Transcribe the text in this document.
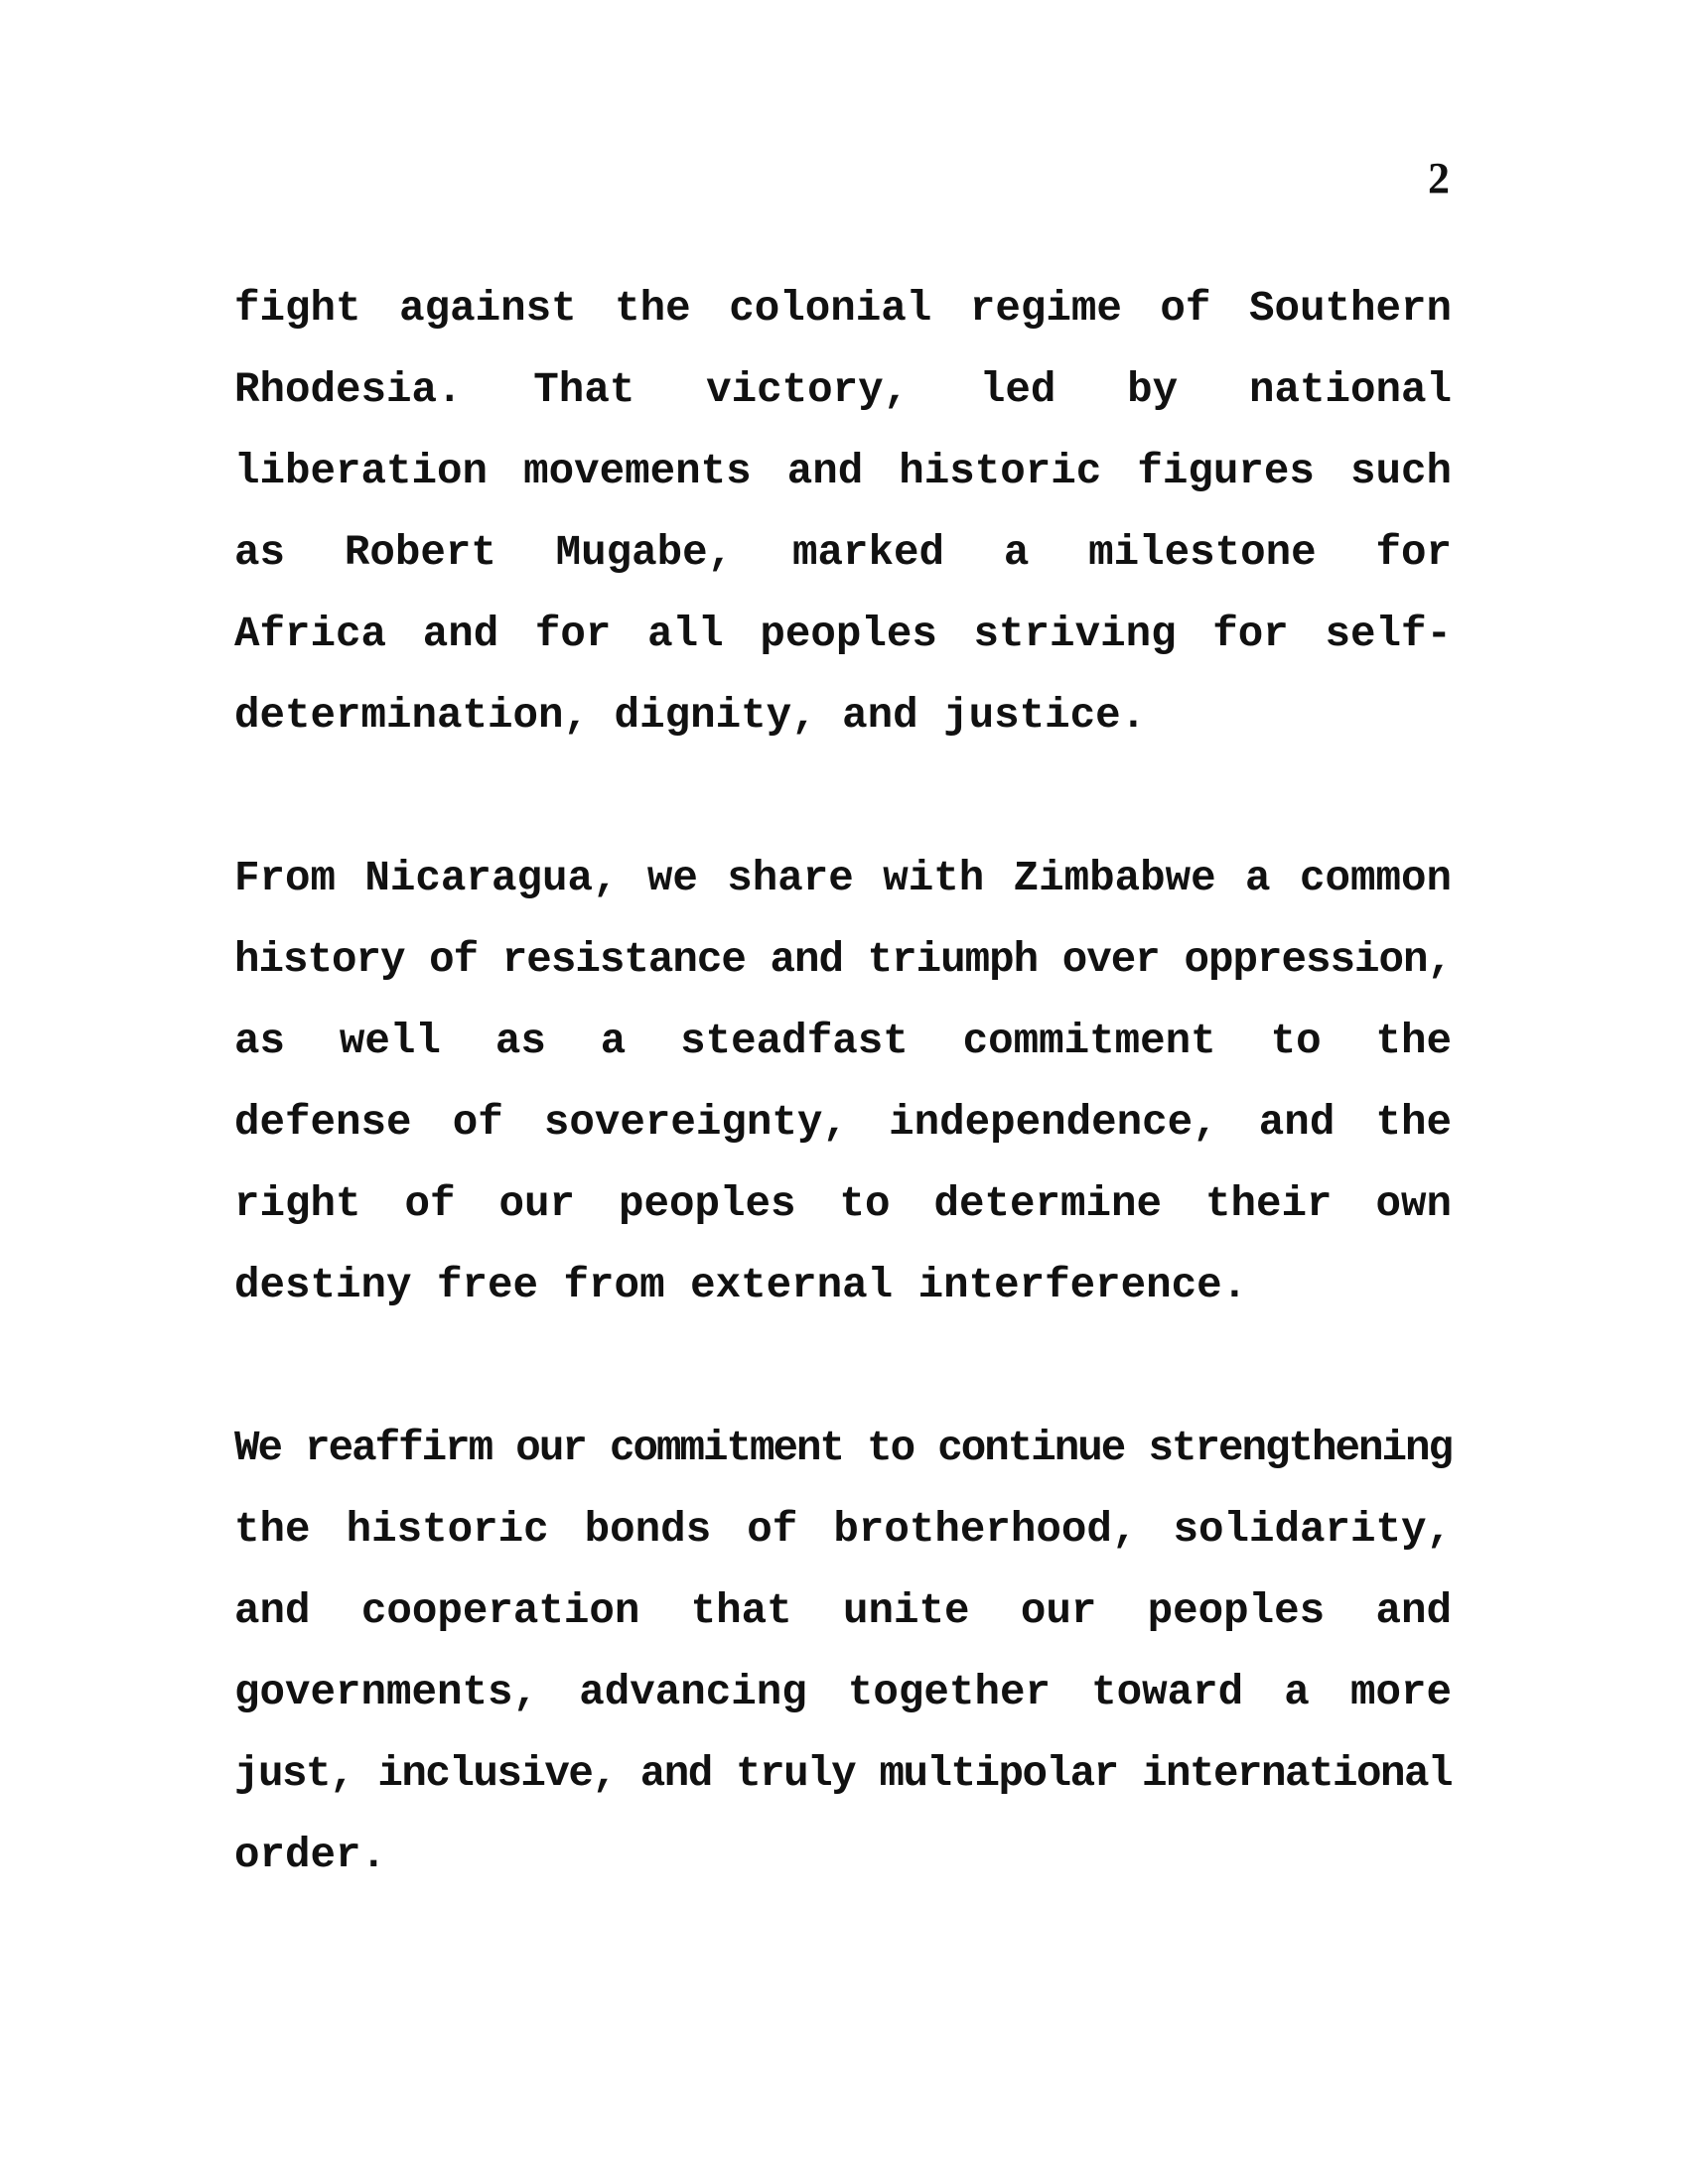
2

fight against the colonial regime of Southern
Rhodesia. That victory, led by national
liberation movements and historic figures such
as Robert Mugabe, marked a milestone for
Africa and for all peoples striving for self-
determination, dignity, and justice.

From Nicaragua, we share with Zimbabwe a common
history of resistance and triumph over oppression,
as well as a steadfast commitment to the
defense of sovereignty, independence, and the
right of our peoples to determine their own
destiny free from external interference.

We reaffirm our commitment to continue strengthening
the historic bonds of brotherhood, solidarity,
and cooperation that unite our peoples and
governments, advancing together toward a more
just, inclusive, and truly multipolar international
order.
